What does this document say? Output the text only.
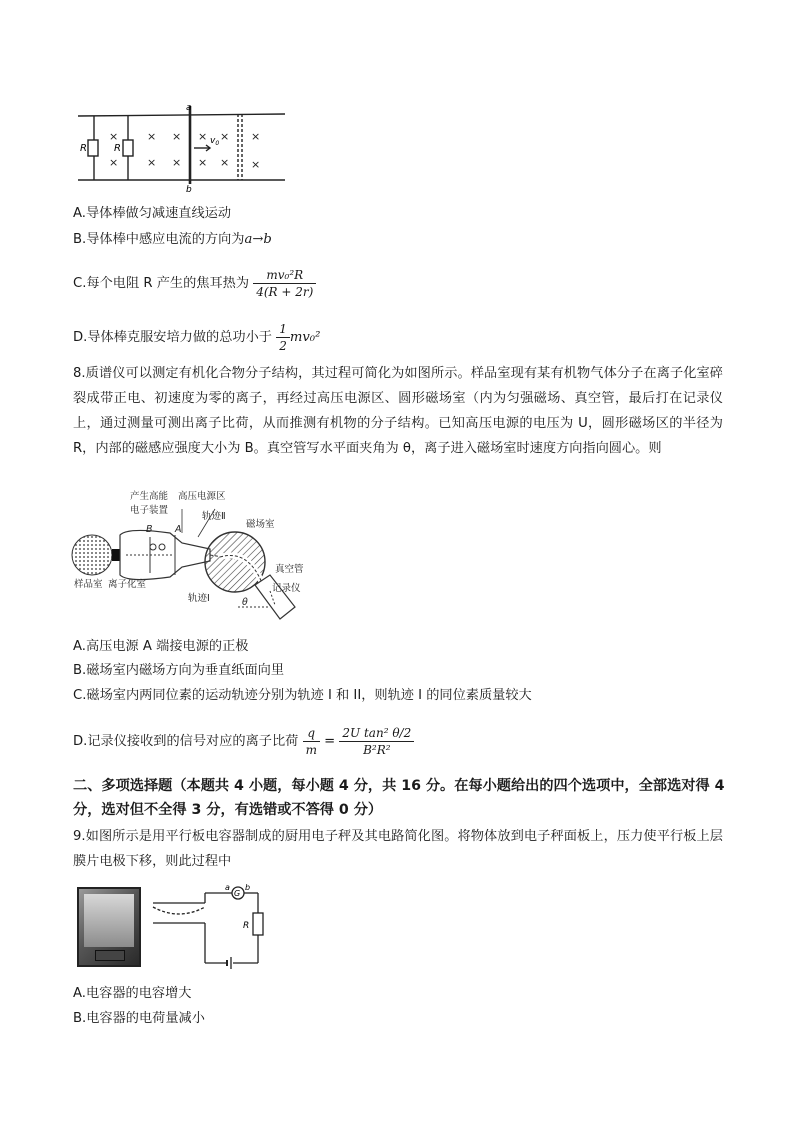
R	R
a
b
$v_0$
×
×
× ×
× ×
× ×
× ×
×
×
A.导体棒做匀减速直线运动
B.导体棒中感应电流的方向为a→b
C.每个电阻 R 产生的焦耳热为 $\frac{\text{mv₀²R}}{4(R + 2r)}$
D.导体棒克服安培力做的总功小于 $\frac{1}{2} mv_0^2$
8.质谱仪可以测定有机化合物分子结构，其过程可简化为如图所示。样品室现有某有机物气体分子在离子化室碎裂成带正电、初速度为零的离子，再经过高压电源区、圆形磁场室（内为匀强磁场、真空管，最后打在记录仪上，通过测量可测出离子比荷，从而推测有机物的分子结构。已知高压电源的电压为 U，圆形磁场区的半径为 R，内部的磁感应强度大小为 B。真空管写水平面夹角为 θ，离子进入磁场室时速度方向指向圆心。则
产生高能
电子装置
高压电源区
B A
轨迹Ⅱ
磁场室
真空管
样品室 离子化室
轨迹Ⅰ	θ
记录仪
A.高压电源 A 端接电源的正极
B.磁场室内磁场方向为垂直纸面向里
C.磁场室内两同位素的运动轨迹分别为轨迹 I 和 II，则轨迹 I 的同位素质量较大
D.记录仪接收到的信号对应的离子比荷 $\frac{q}{m} = \frac{\text{2U tan² θ/2}}{\text{B²R²}}$
二、多项选择题（本题共 4 小题，每小题 4 分，共 16 分。在每小题给出的四个选项中，全部选对得 4 分，选对但不全得 3 分，有选错或不答得 0 分）
9.如图所示是用平行板电容器制成的厨用电子秤及其电路简化图。将物体放到电子秤面板上，压力使平行板上层膜片电极下移，则此过程中
G
a b
R
A.电容器的电容增大
B.电容器的电荷量减小
